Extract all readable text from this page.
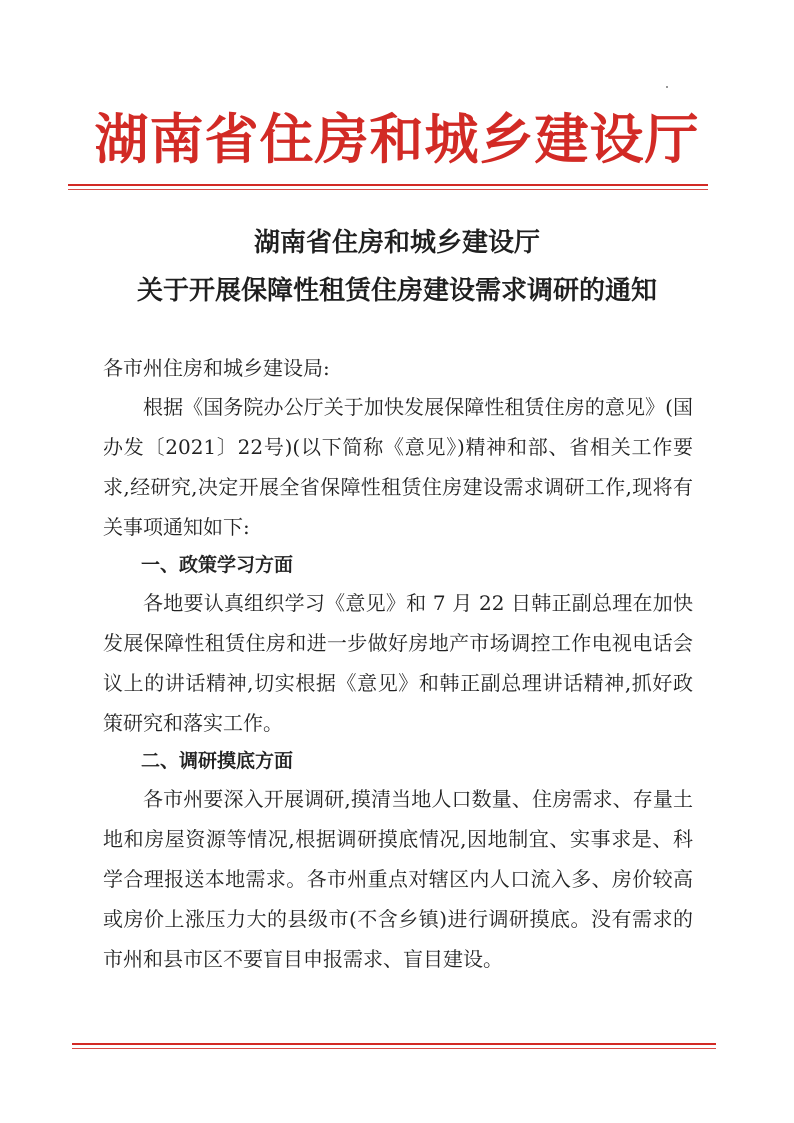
湖南省住房和城乡建设厅
湖南省住房和城乡建设厅
关于开展保障性租赁住房建设需求调研的通知
各市州住房和城乡建设局:
根据《国务院办公厅关于加快发展保障性租赁住房的意见》(国办发〔2021〕22号)(以下简称《意见》)精神和部、省相关工作要求,经研究,决定开展全省保障性租赁住房建设需求调研工作,现将有关事项通知如下:
一、政策学习方面
各地要认真组织学习《意见》和 7 月 22 日韩正副总理在加快发展保障性租赁住房和进一步做好房地产市场调控工作电视电话会议上的讲话精神,切实根据《意见》和韩正副总理讲话精神,抓好政策研究和落实工作。
二、调研摸底方面
各市州要深入开展调研,摸清当地人口数量、住房需求、存量土地和房屋资源等情况,根据调研摸底情况,因地制宜、实事求是、科学合理报送本地需求。各市州重点对辖区内人口流入多、房价较高或房价上涨压力大的县级市(不含乡镇)进行调研摸底。没有需求的市州和县市区不要盲目申报需求、盲目建设。
